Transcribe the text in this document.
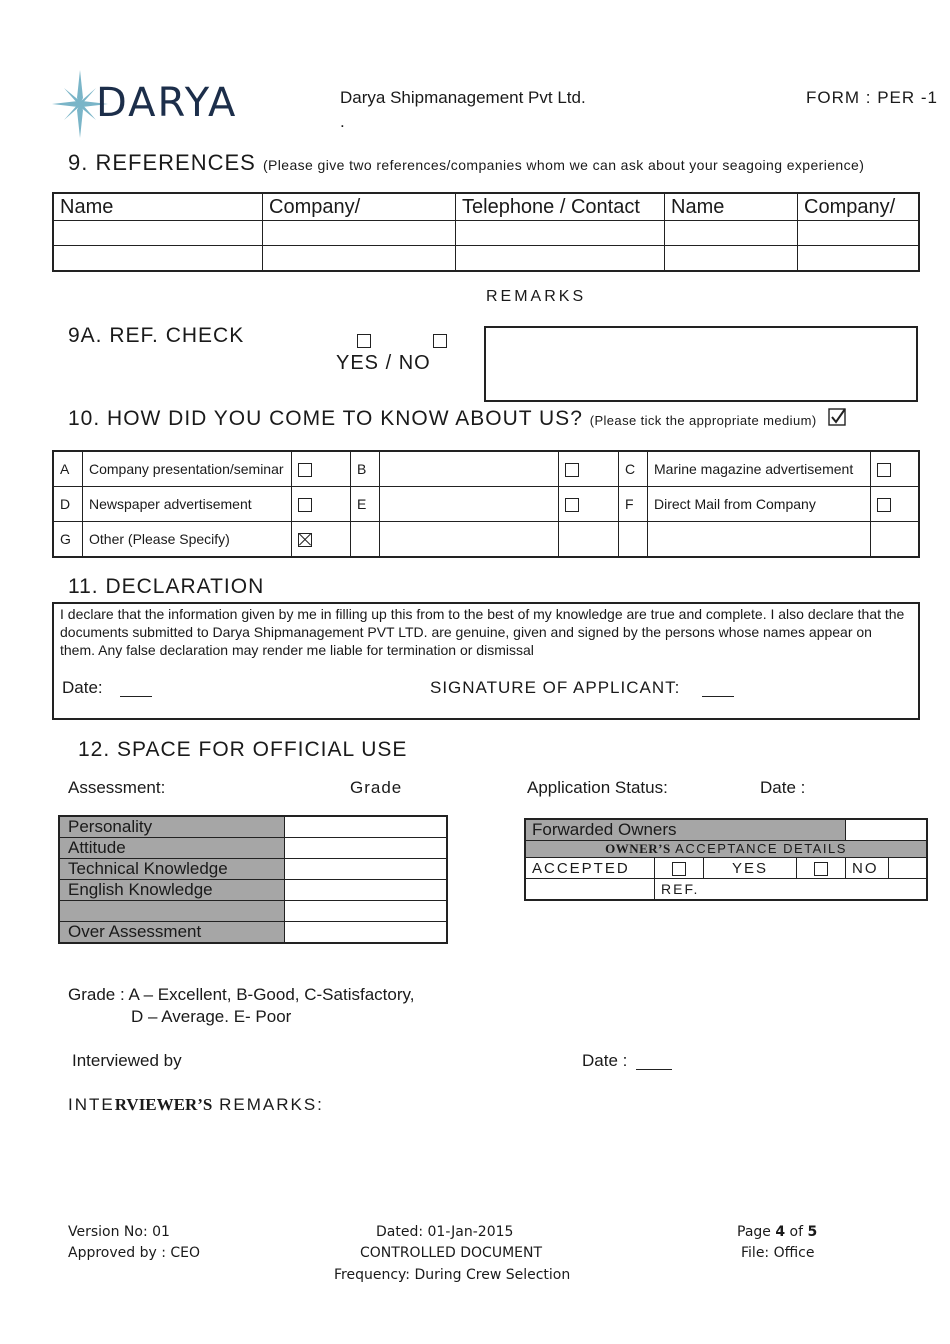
DARYA	Darya Shipmanagement Pvt Ltd.
.
FORM : PER -1
9. REFERENCES (Please give two references/companies whom we can ask about your seagoing experience)
Name	Company/	Telephone / Contact	Name	Company/

REMARKS
9A. REF. CHECK

YES / NO
10. HOW DID YOU COME TO KNOW ABOUT US? (Please tick the appropriate medium)
A	Company presentation/seminar		B			C	Marine magazine advertisement	
D	Newspaper advertisement		E			F	Direct Mail from Company	
G	Other (Please Specify)							
11. DECLARATION
I declare that the information given by me in filling up this from to the best of my knowledge are true and complete. I also declare that the documents submitted to Darya Shipmanagement PVT LTD. are genuine, given and signed by the persons whose names appear on them. Any false declaration may render me liable for termination or dismissal
Date:	SIGNATURE OF APPLICANT:
12. SPACE FOR OFFICIAL USE
Assessment:	Grade	Application Status:	Date :
Personality	
Attitude	
Technical Knowledge	
English Knowledge	

Over Assessment	
Forwarded Owners					
OWNER’S ACCEPTANCE DETAILS					
ACCEPTED		YES		NO	
	REF.				
Grade : A – Excellent, B-Good, C-Satisfactory,
D – Average. E- Poor
Interviewed by	Date :
INTERVIEWER’S REMARKS:
Version No: 01
Approved by : CEO
Dated: 01-Jan-2015
CONTROLLED DOCUMENT
Frequency: During Crew Selection
Page 4 of 5
File: Office
